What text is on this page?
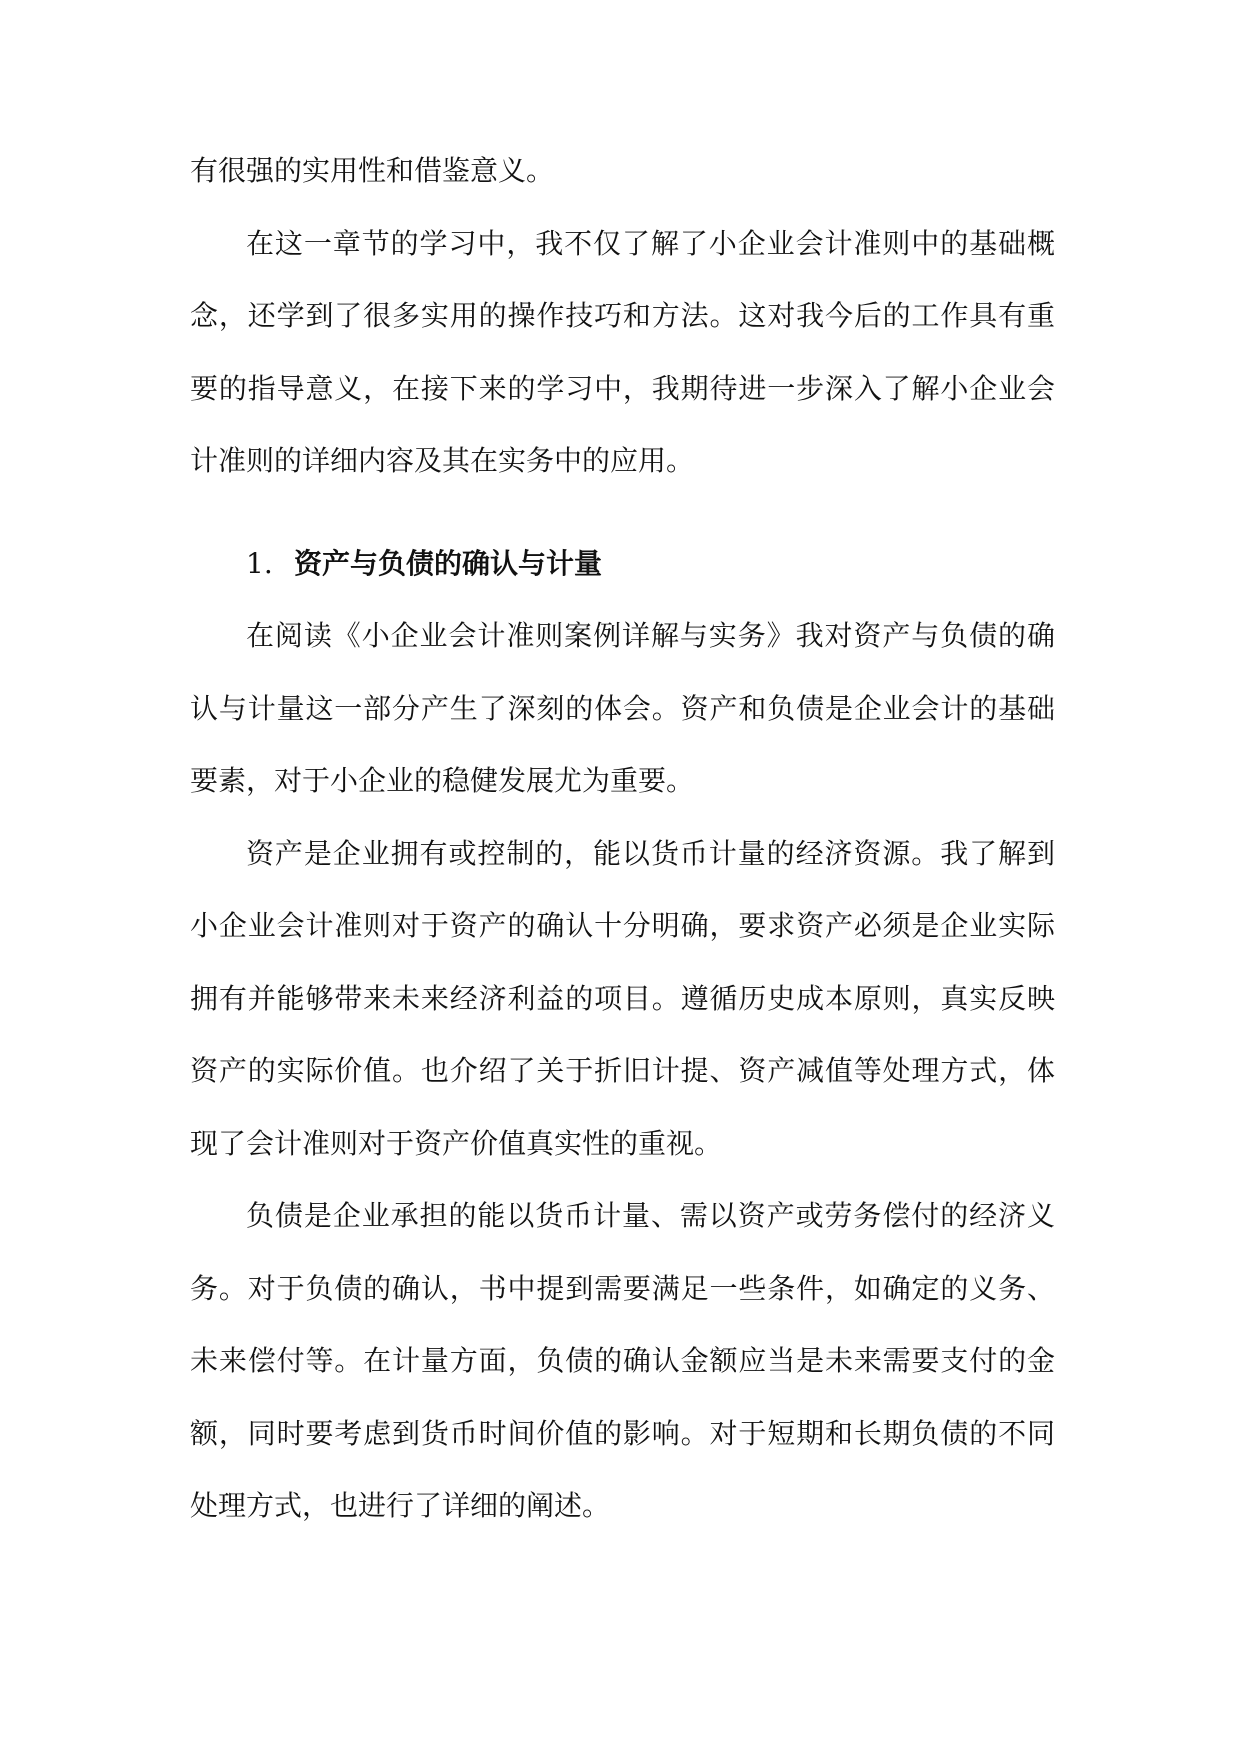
有很强的实用性和借鉴意义。

在这一章节的学习中，我不仅了解了小企业会计准则中的基础概念，还学到了很多实用的操作技巧和方法。这对我今后的工作具有重要的指导意义，在接下来的学习中，我期待进一步深入了解小企业会计准则的详细内容及其在实务中的应用。

1. 资产与负债的确认与计量

在阅读《小企业会计准则案例详解与实务》我对资产与负债的确认与计量这一部分产生了深刻的体会。资产和负债是企业会计的基础要素，对于小企业的稳健发展尤为重要。

资产是企业拥有或控制的，能以货币计量的经济资源。我了解到小企业会计准则对于资产的确认十分明确，要求资产必须是企业实际拥有并能够带来未来经济利益的项目。遵循历史成本原则，真实反映资产的实际价值。也介绍了关于折旧计提、资产减值等处理方式，体现了会计准则对于资产价值真实性的重视。

负债是企业承担的能以货币计量、需以资产或劳务偿付的经济义务。对于负债的确认，书中提到需要满足一些条件，如确定的义务、未来偿付等。在计量方面，负债的确认金额应当是未来需要支付的金额，同时要考虑到货币时间价值的影响。对于短期和长期负债的不同处理方式，也进行了详细的阐述。
